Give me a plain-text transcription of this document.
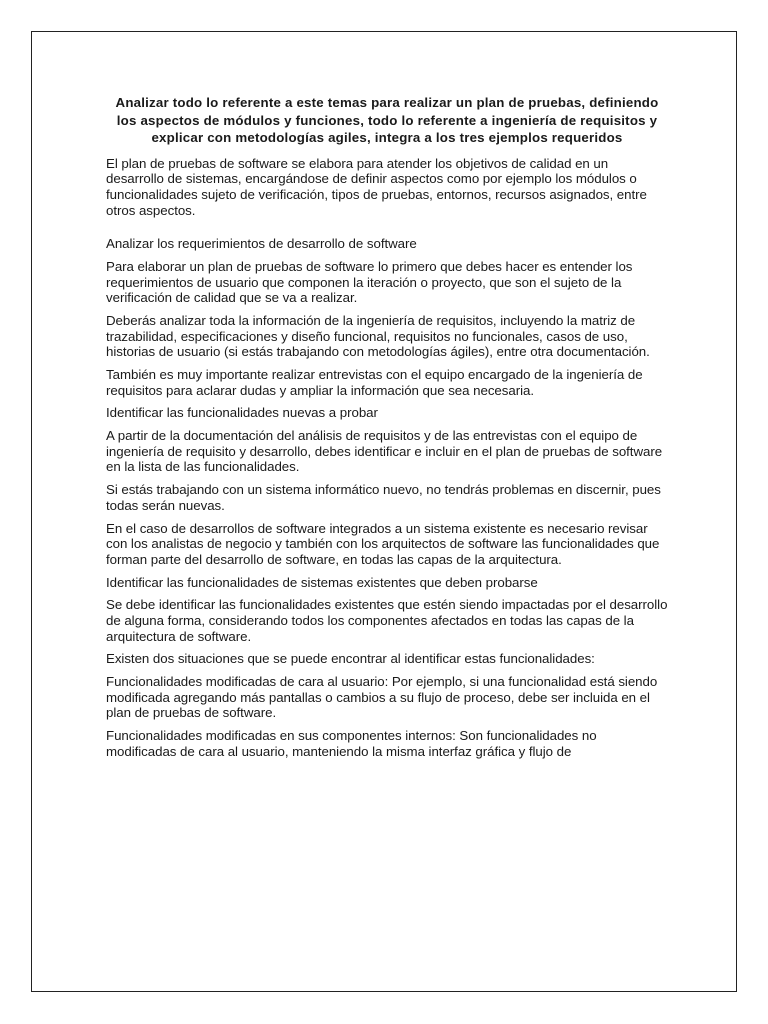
Analizar todo lo referente a este temas para realizar un plan de pruebas, definiendo los aspectos de módulos y funciones, todo lo referente a ingeniería de requisitos y explicar con metodologías agiles, integra a los tres ejemplos requeridos

El plan de pruebas de software se elabora para atender los objetivos de calidad en un desarrollo de sistemas, encargándose de definir aspectos como por ejemplo los módulos o funcionalidades sujeto de verificación, tipos de pruebas, entornos, recursos asignados, entre otros aspectos.

Analizar los requerimientos de desarrollo de software

Para elaborar un plan de pruebas de software lo primero que debes hacer es entender los requerimientos de usuario que componen la iteración o proyecto, que son el sujeto de la verificación de calidad que se va a realizar.

Deberás analizar toda la información de la ingeniería de requisitos, incluyendo la matriz de trazabilidad, especificaciones y diseño funcional, requisitos no funcionales, casos de uso, historias de usuario (si estás trabajando con metodologías ágiles), entre otra documentación.

También es muy importante realizar entrevistas con el equipo encargado de la ingeniería de requisitos para aclarar dudas y ampliar la información que sea necesaria.

Identificar las funcionalidades nuevas a probar

A partir de la documentación del análisis de requisitos y de las entrevistas con el equipo de ingeniería de requisito y desarrollo, debes identificar e incluir en el plan de pruebas de software en la lista de las funcionalidades.

Si estás trabajando con un sistema informático nuevo, no tendrás problemas en discernir, pues todas serán nuevas.

En el caso de desarrollos de software integrados a un sistema existente es necesario revisar con los analistas de negocio y también con los arquitectos de software las funcionalidades que forman parte del desarrollo de software, en todas las capas de la arquitectura.

Identificar las funcionalidades de sistemas existentes que deben probarse

Se debe identificar las funcionalidades existentes que estén siendo impactadas por el desarrollo de alguna forma, considerando todos los componentes afectados en todas las capas de la arquitectura de software.

Existen dos situaciones que se puede encontrar al identificar estas funcionalidades:

Funcionalidades modificadas de cara al usuario: Por ejemplo, si una funcionalidad está siendo modificada agregando más pantallas o cambios a su flujo de proceso, debe ser incluida en el plan de pruebas de software.

Funcionalidades modificadas en sus componentes internos: Son funcionalidades no modificadas de cara al usuario, manteniendo la misma interfaz gráfica y flujo de
